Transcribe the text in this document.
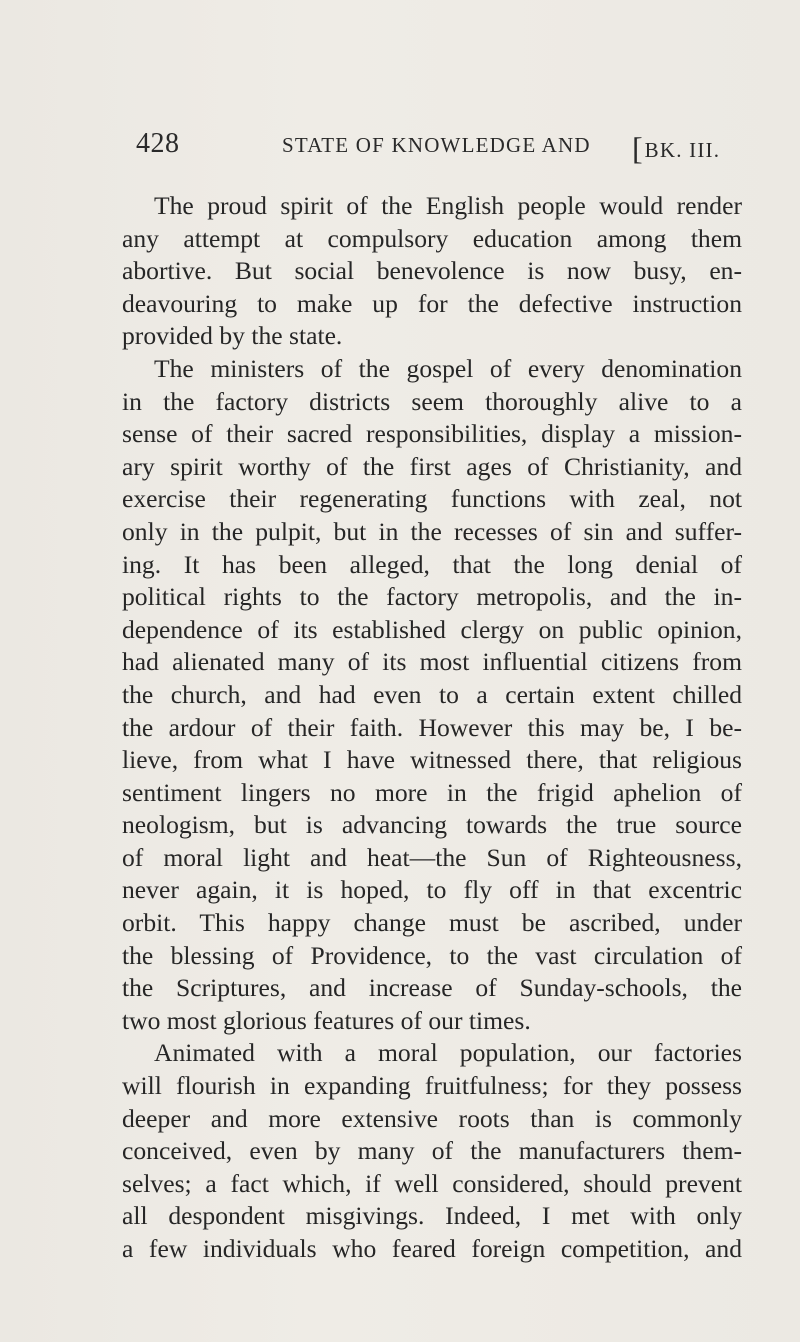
428	STATE OF KNOWLEDGE AND [BK. III.
The proud spirit of the English people would render
any attempt at compulsory education among them
abortive. But social benevolence is now busy, en-
deavouring to make up for the defective instruction
provided by the state.
The ministers of the gospel of every denomination
in the factory districts seem thoroughly alive to a
sense of their sacred responsibilities, display a mission-
ary spirit worthy of the first ages of Christianity, and
exercise their regenerating functions with zeal, not
only in the pulpit, but in the recesses of sin and suffer-
ing. It has been alleged, that the long denial of
political rights to the factory metropolis, and the in-
dependence of its established clergy on public opinion,
had alienated many of its most influential citizens from
the church, and had even to a certain extent chilled
the ardour of their faith. However this may be, I be-
lieve, from what I have witnessed there, that religious
sentiment lingers no more in the frigid aphelion of
neologism, but is advancing towards the true source
of moral light and heat—the Sun of Righteousness,
never again, it is hoped, to fly off in that excentric
orbit. This happy change must be ascribed, under
the blessing of Providence, to the vast circulation of
the Scriptures, and increase of Sunday-schools, the
two most glorious features of our times.
Animated with a moral population, our factories
will flourish in expanding fruitfulness; for they possess
deeper and more extensive roots than is commonly
conceived, even by many of the manufacturers them-
selves; a fact which, if well considered, should prevent
all despondent misgivings. Indeed, I met with only
a few individuals who feared foreign competition, and
